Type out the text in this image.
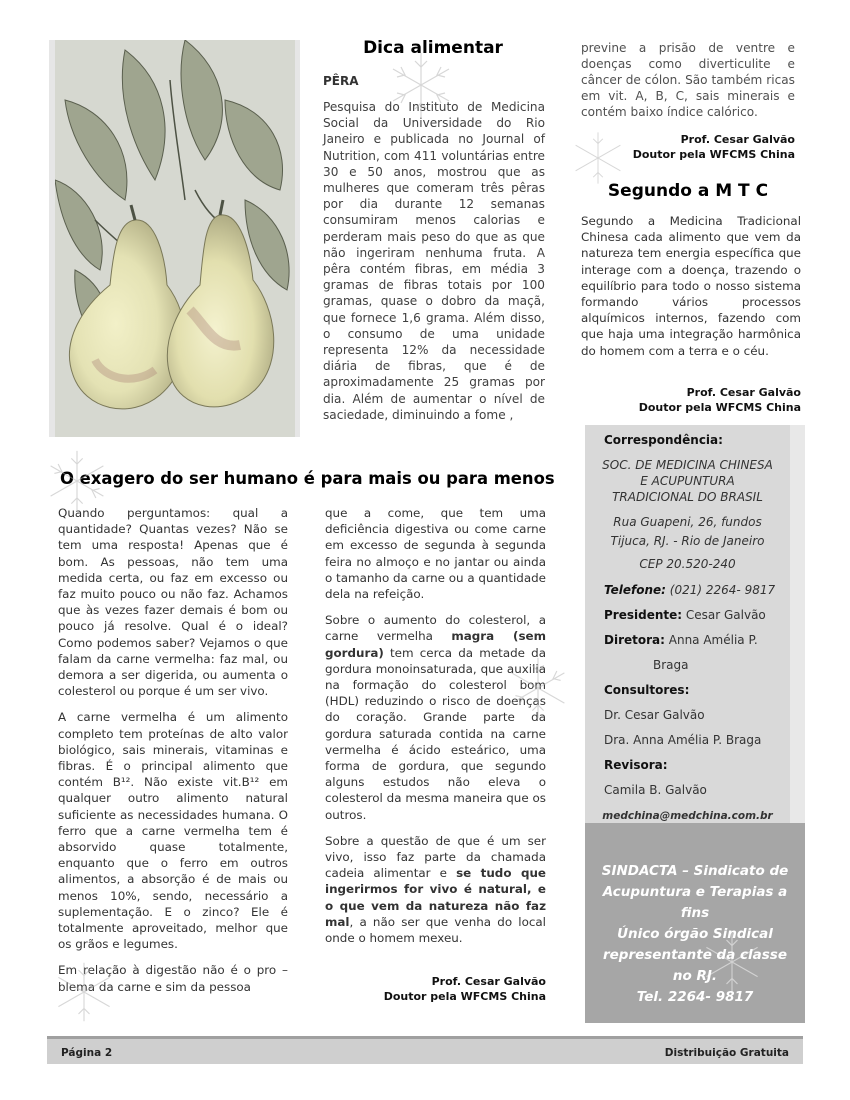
Dica alimentar
PÊRA
Pesquisa do Instituto de Medicina Social da Universidade do Rio Janeiro e publicada no Journal of Nutrition, com 411 voluntárias entre 30 e 50 anos, mostrou que as mulheres que comeram três pêras por dia durante 12 semanas consumiram menos calorias e perderam mais peso do que as que não ingeriram nenhuma fruta. A pêra contém fibras, em média 3 gramas de fibras totais por 100 gramas, quase o dobro da maçã, que fornece 1,6 grama. Além disso, o consumo de uma unidade representa 12% da necessidade diária de fibras, que é de aproximadamente 25 gramas por dia. Além de aumentar o nível de saciedade, diminuindo a fome ,
previne a prisão de ventre e doenças como diverticulite e câncer de cólon. São também ricas em vit. A, B, C, sais minerais e contém baixo índice calórico.
Prof. Cesar Galvão
Doutor pela WFCMS China
Segundo a M T C
Segundo a Medicina Tradicional Chinesa cada alimento que vem da natureza tem energia específica que interage com a doença, trazendo o equilíbrio para todo o nosso sistema formando vários processos alquímicos internos, fazendo com que haja uma integração harmônica do homem com a terra e o céu.
Prof. Cesar Galvão
Doutor pela WFCMS China
O exagero do ser humano é para mais ou para menos

Quando perguntamos: qual a quantidade? Quantas vezes? Não se tem uma resposta! Apenas que é bom. As pessoas, não tem uma medida certa, ou faz em excesso ou faz muito pouco ou não faz. Achamos que às vezes fazer demais é bom ou pouco já resolve. Qual é o ideal? Como podemos saber? Vejamos o que falam da carne vermelha: faz mal, ou demora a ser digerida, ou aumenta o colesterol ou porque é um ser vivo.

A carne vermelha é um alimento completo tem proteínas de alto valor biológico, sais minerais, vitaminas e fibras. É o principal alimento que contém B¹². Não existe vit.B¹² em qualquer outro alimento natural suficiente as necessidades humana. O ferro que a carne vermelha tem é absorvido quase totalmente, enquanto que o ferro em outros alimentos, a absorção é de mais ou menos 10%, sendo, necessário a suplementação. E o zinco? Ele é totalmente aproveitado, melhor que os grãos e legumes.

Em relação à digestão não é o pro – blema da carne e sim da pessoa

que a come, que tem uma deficiência digestiva ou come carne em excesso de segunda à segunda feira no almoço e no jantar ou ainda o tamanho da carne ou a quantidade dela na refeição.

Sobre o aumento do colesterol, a carne vermelha magra (sem gordura) tem cerca da metade da gordura monoinsaturada, que auxilia na formação do colesterol bom (HDL) reduzindo o risco de doenças do coração. Grande parte da gordura saturada contida na carne vermelha é ácido esteárico, uma forma de gordura, que segundo alguns estudos não eleva o colesterol da mesma maneira que os outros.

Sobre a questão de que é um ser vivo, isso faz parte da chamada cadeia alimentar e se tudo que ingerirmos for vivo é natural, e o que vem da natureza não faz mal, a não ser que venha do local onde o homem mexeu.

Prof. Cesar Galvão
Doutor pela WFCMS China
Correspondência:
SOC. DE MEDICINA CHINESA
E ACUPUNTURA
TRADICIONAL DO BRASIL
Rua Guapeni, 26, fundos
Tijuca, RJ. - Rio de Janeiro
CEP 20.520-240
Telefone: (021) 2264- 9817
Presidente: Cesar Galvão
Diretora: Anna Amélia P.
Braga
Consultores:
Dr. Cesar Galvão
Dra. Anna Amélia P. Braga
Revisora:
Camila B. Galvão
medchina@medchina.com.br
SINDACTA – Sindicato de
Acupuntura e Terapias a
fins
Único órgão Sindical
representante da classe
no RJ.
Tel. 2264- 9817
Página 2	Distribuição Gratuita
